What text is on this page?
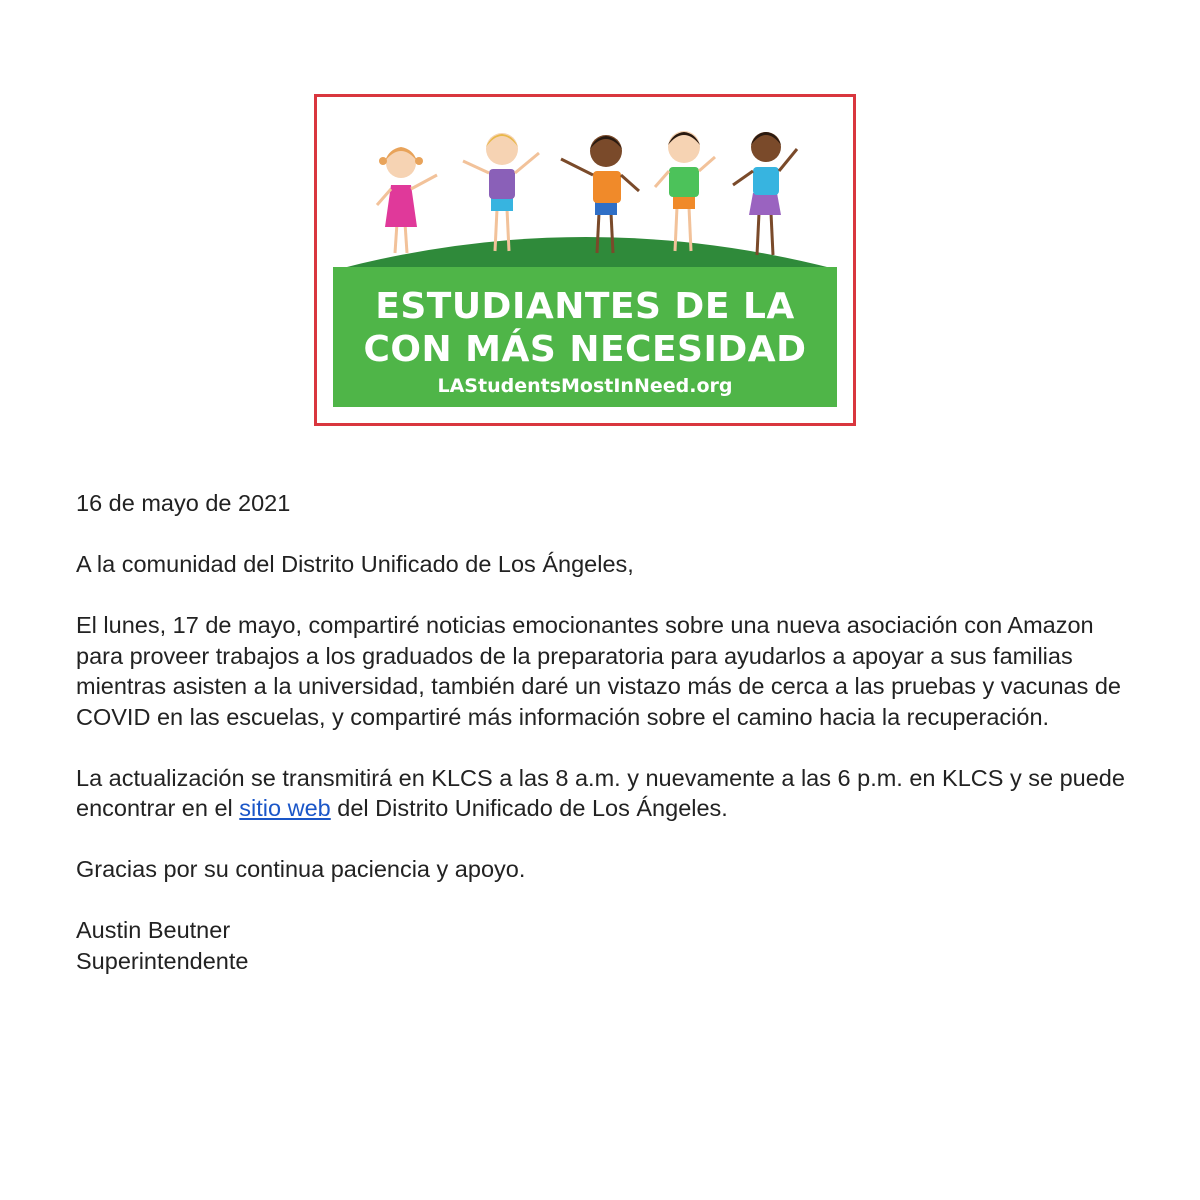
ESTUDIANTES DE LA
CON MÁS NECESIDAD
LAStudentsMostInNeed.org

16 de mayo de 2021

A la comunidad del Distrito Unificado de Los Ángeles,

El lunes, 17 de mayo, compartiré noticias emocionantes sobre una nueva asociación con Amazon para proveer trabajos a los graduados de la preparatoria para ayudarlos a apoyar a sus familias mientras asisten a la universidad, también daré un vistazo más de cerca a las pruebas y vacunas de COVID en las escuelas, y compartiré más información sobre el camino hacia la recuperación.

La actualización se transmitirá en KLCS a las 8 a.m. y nuevamente a las 6 p.m. en KLCS y se puede encontrar en el sitio web del Distrito Unificado de Los Ángeles.

Gracias por su continua paciencia y apoyo.

Austin Beutner
Superintendente
